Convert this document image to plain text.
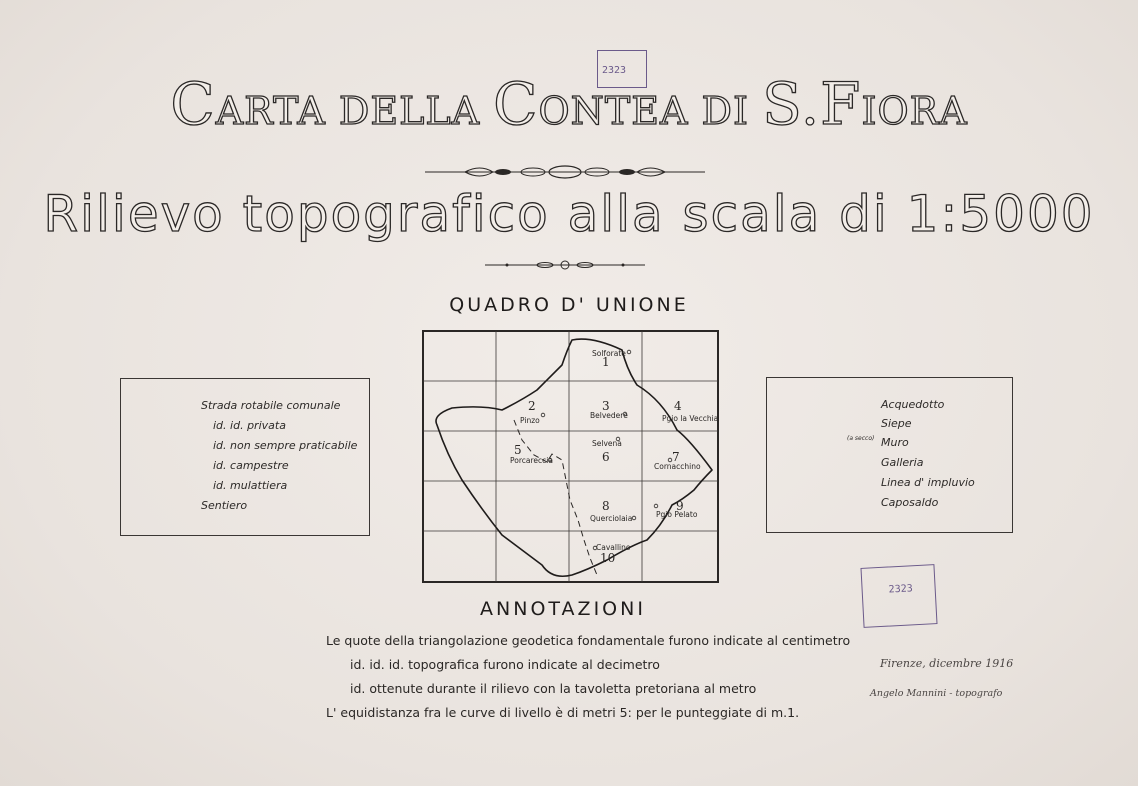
2323
CARTA DELLA CONTEA DI S.FIORA
Rilievo topografico alla scala di 1:5000
QUADRO D' UNIONE
1
2	3	4
5	6	7
8	9
10
Solforate
Pinzo
Belvedere	Pgio la Vecchia
Porcareccia
Selvena
Cornacchino
Querciolaia	Pgio Pelato
Cavallino
Strada rotabile comunale
id. id. privata
id. non sempre praticabile
id. campestre
id. mulattiera
Sentiero
Acquedotto
Siepe
(a secco) Muro
Galleria
Linea d' impluvio
Caposaldo
ANNOTAZIONI
Le quote della triangolazione geodetica fondamentale furono indicate al centimetro
id. id. id. topografica furono indicate al decimetro
id. ottenute durante il rilievo con la tavoletta pretoriana al metro
L' equidistanza fra le curve di livello è di metri 5: per le punteggiate di m.1.
2323
Firenze, dicembre 1916
Angelo Mannini - topografo
